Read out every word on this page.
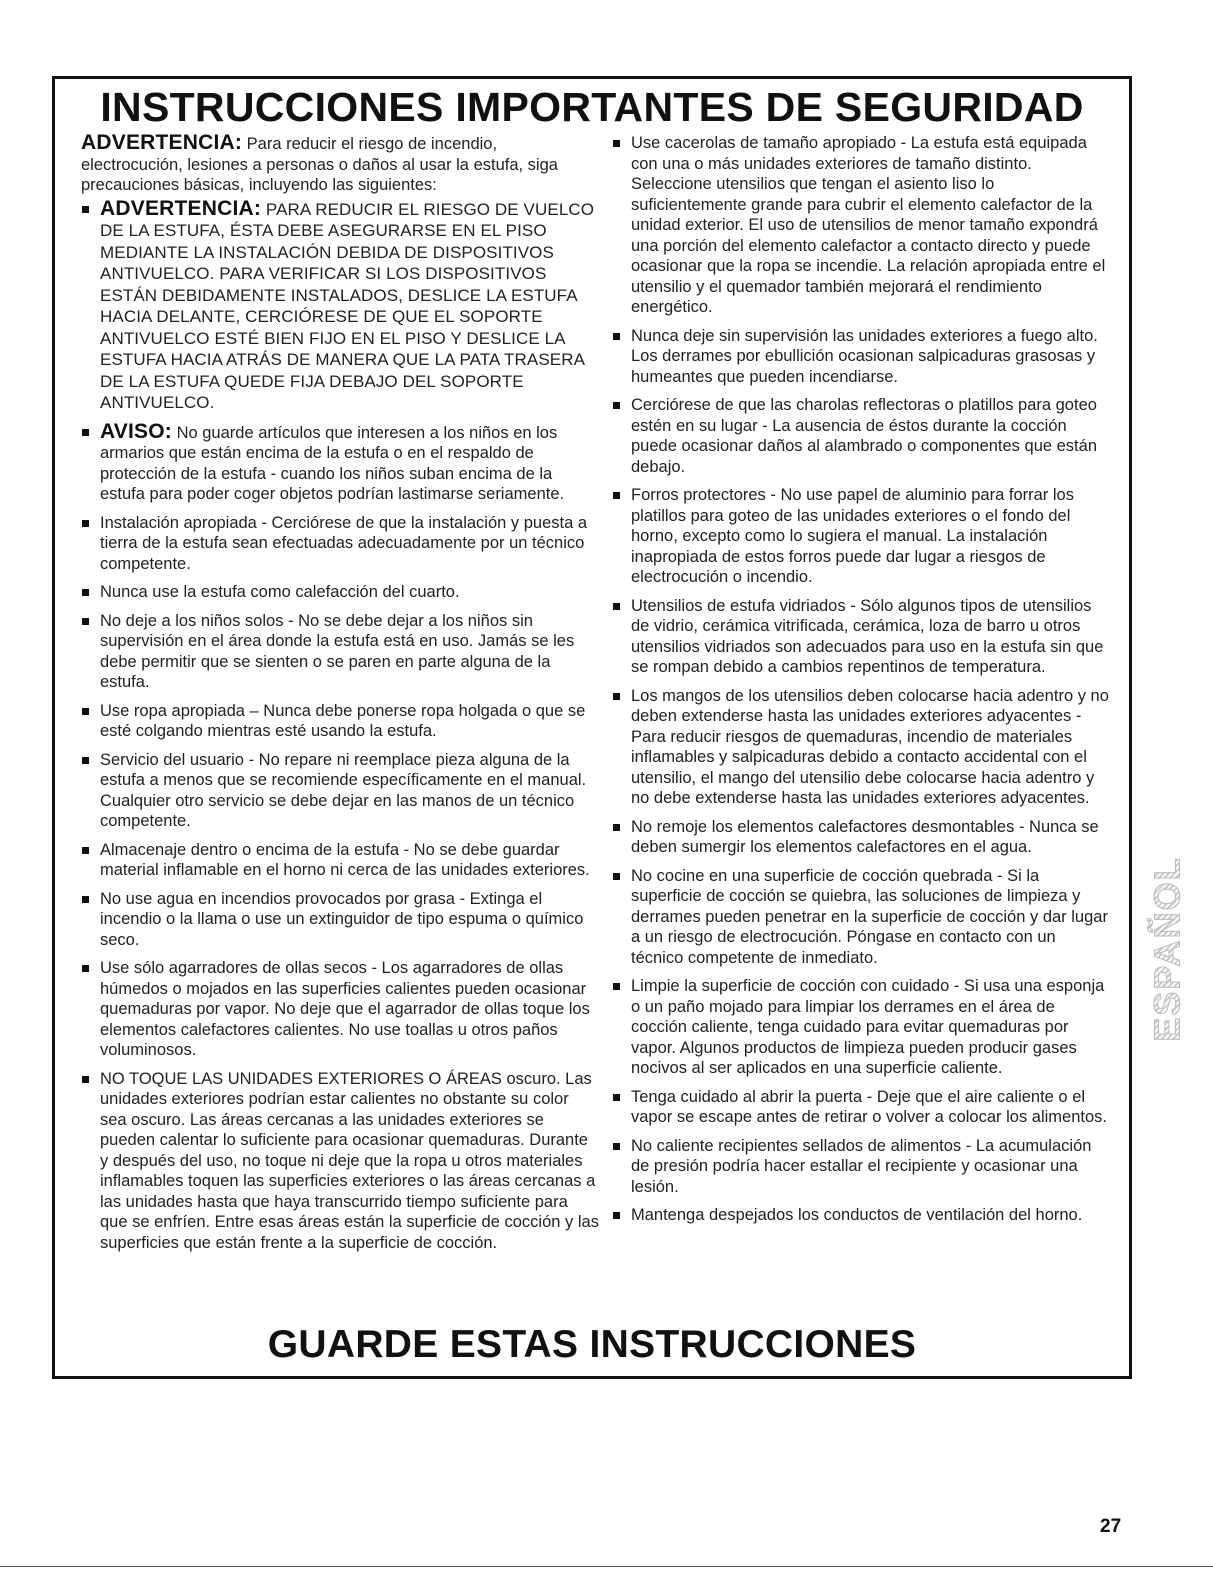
INSTRUCCIONES IMPORTANTES DE SEGURIDAD

ADVERTENCIA: Para reducir el riesgo de incendio, electrocución, lesiones a personas o daños al usar la estufa, siga precauciones básicas, incluyendo las siguientes:

ADVERTENCIA: PARA REDUCIR EL RIESGO DE VUELCO DE LA ESTUFA, ÉSTA DEBE ASEGURARSE EN EL PISO MEDIANTE LA INSTALACIÓN DEBIDA DE DISPOSITIVOS ANTIVUELCO. PARA VERIFICAR SI LOS DISPOSITIVOS ESTÁN DEBIDAMENTE INSTALADOS, DESLICE LA ESTUFA HACIA DELANTE, CERCIÓRESE DE QUE EL SOPORTE ANTIVUELCO ESTÉ BIEN FIJO EN EL PISO Y DESLICE LA ESTUFA HACIA ATRÁS DE MANERA QUE LA PATA TRASERA DE LA ESTUFA QUEDE FIJA DEBAJO DEL SOPORTE ANTIVUELCO.
AVISO: No guarde artículos que interesen a los niños en los armarios que están encima de la estufa o en el respaldo de protección de la estufa - cuando los niños suban encima de la estufa para poder coger objetos podrían lastimarse seriamente.
Instalación apropiada - Cerciórese de que la instalación y puesta a tierra de la estufa sean efectuadas adecuadamente por un técnico competente.
Nunca use la estufa como calefacción del cuarto.
No deje a los niños solos - No se debe dejar a los niños sin supervisión en el área donde la estufa está en uso. Jamás se les debe permitir que se sienten o se paren en parte alguna de la estufa.
Use ropa apropiada – Nunca debe ponerse ropa holgada o que se esté colgando mientras esté usando la estufa.
Servicio del usuario - No repare ni reemplace pieza alguna de la estufa a menos que se recomiende específicamente en el manual. Cualquier otro servicio se debe dejar en las manos de un técnico competente.
Almacenaje dentro o encima de la estufa - No se debe guardar material inflamable en el horno ni cerca de las unidades exteriores.
No use agua en incendios provocados por grasa - Extinga el incendio o la llama o use un extinguidor de tipo espuma o químico seco.
Use sólo agarradores de ollas secos - Los agarradores de ollas húmedos o mojados en las superficies calientes pueden ocasionar quemaduras por vapor. No deje que el agarrador de ollas toque los elementos calefactores calientes. No use toallas u otros paños voluminosos.
NO TOQUE LAS UNIDADES EXTERIORES O ÁREAS oscuro. Las unidades exteriores podrían estar calientes no obstante su color sea oscuro. Las áreas cercanas a las unidades exteriores se pueden calentar lo suficiente para ocasionar quemaduras. Durante y después del uso, no toque ni deje que la ropa u otros materiales inflamables toquen las superficies exteriores o las áreas cercanas a las unidades hasta que haya transcurrido tiempo suficiente para que se enfríen. Entre esas áreas están la superficie de cocción y las superficies que están frente a la superficie de cocción.
Use cacerolas de tamaño apropiado - La estufa está equipada con una o más unidades exteriores de tamaño distinto. Seleccione utensilios que tengan el asiento liso lo suficientemente grande para cubrir el elemento calefactor de la unidad exterior. El uso de utensilios de menor tamaño expondrá una porción del elemento calefactor a contacto directo y puede ocasionar que la ropa se incendie. La relación apropiada entre el utensilio y el quemador también mejorará el rendimiento energético.
Nunca deje sin supervisión las unidades exteriores a fuego alto. Los derrames por ebullición ocasionan salpicaduras grasosas y humeantes que pueden incendiarse.
Cerciórese de que las charolas reflectoras o platillos para goteo estén en su lugar - La ausencia de éstos durante la cocción puede ocasionar daños al alambrado o componentes que están debajo.
Forros protectores - No use papel de aluminio para forrar los platillos para goteo de las unidades exteriores o el fondo del horno, excepto como lo sugiera el manual. La instalación inapropiada de estos forros puede dar lugar a riesgos de electrocución o incendio.
Utensilios de estufa vidriados - Sólo algunos tipos de utensilios de vidrio, cerámica vitrificada, cerámica, loza de barro u otros utensilios vidriados son adecuados para uso en la estufa sin que se rompan debido a cambios repentinos de temperatura.
Los mangos de los utensilios deben colocarse hacia adentro y no deben extenderse hasta las unidades exteriores adyacentes - Para reducir riesgos de quemaduras, incendio de materiales inflamables y salpicaduras debido a contacto accidental con el utensilio, el mango del utensilio debe colocarse hacia adentro y no debe extenderse hasta las unidades exteriores adyacentes.
No remoje los elementos calefactores desmontables - Nunca se deben sumergir los elementos calefactores en el agua.
No cocine en una superficie de cocción quebrada - Si la superficie de cocción se quiebra, las soluciones de limpieza y derrames pueden penetrar en la superficie de cocción y dar lugar a un riesgo de electrocución. Póngase en contacto con un técnico competente de inmediato.
Limpie la superficie de cocción con cuidado - Si usa una esponja o un paño mojado para limpiar los derrames en el área de cocción caliente, tenga cuidado para evitar quemaduras por vapor. Algunos productos de limpieza pueden producir gases nocivos al ser aplicados en una superficie caliente.
Tenga cuidado al abrir la puerta - Deje que el aire caliente o el vapor se escape antes de retirar o volver a colocar los alimentos.
No caliente recipientes sellados de alimentos - La acumulación de presión podría hacer estallar el recipiente y ocasionar una lesión.
Mantenga despejados los conductos de ventilación del horno.
GUARDE ESTAS INSTRUCCIONES
ESPAÑOL
27
